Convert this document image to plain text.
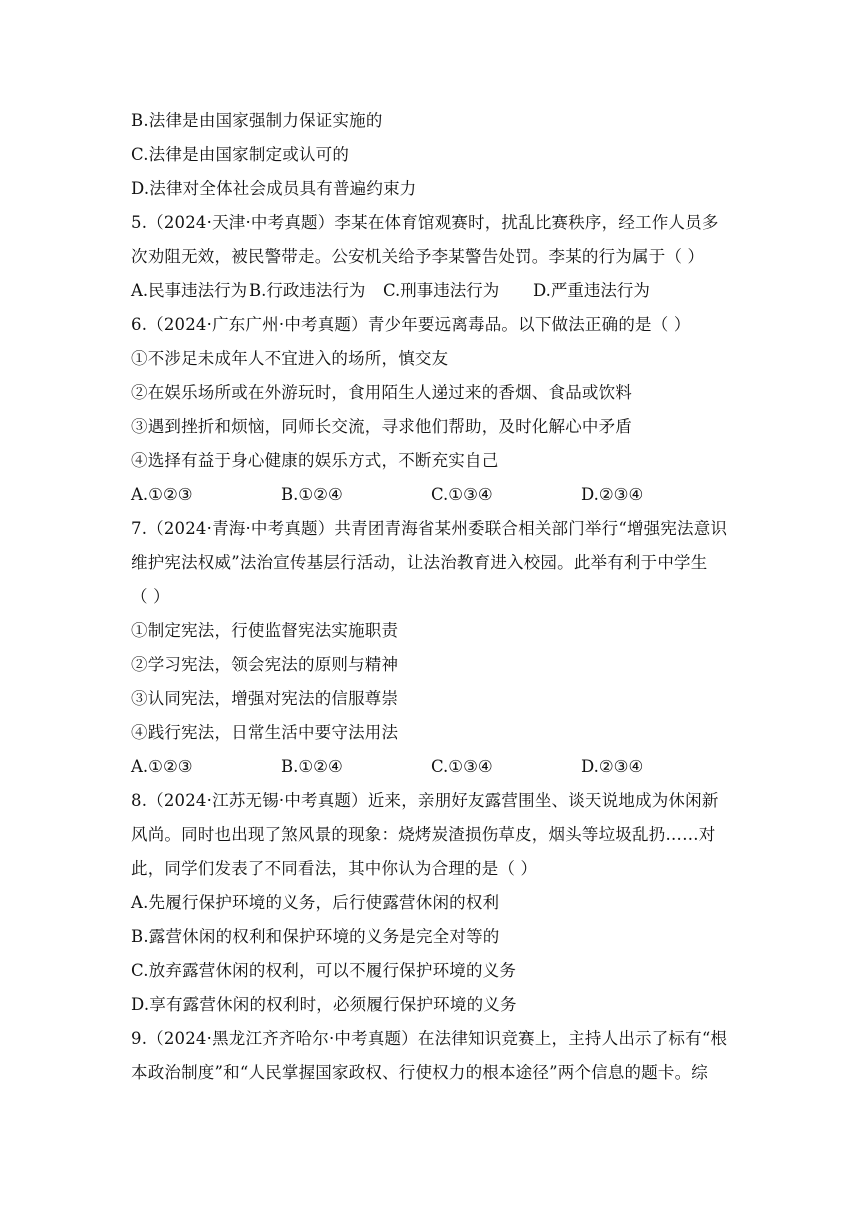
B.法律是由国家强制力保证实施的
C.法律是由国家制定或认可的
D.法律对全体社会成员具有普遍约束力
5.（2024·天津·中考真题）李某在体育馆观赛时，扰乱比赛秩序，经工作人员多
次劝阻无效，被民警带走。公安机关给予李某警告处罚。李某的行为属于（ ）
A.民事违法行为 B.行政违法行为	C.刑事违法行为	D.严重违法行为
6.（2024·广东广州·中考真题）青少年要远离毒品。以下做法正确的是（ ）
①不涉足未成年人不宜进入的场所，慎交友
②在娱乐场所或在外游玩时，食用陌生人递过来的香烟、食品或饮料
③遇到挫折和烦恼，同师长交流，寻求他们帮助，及时化解心中矛盾
④选择有益于身心健康的娱乐方式，不断充实自己
A.①②③	B.①②④	C.①③④	D.②③④
7.（2024·青海·中考真题）共青团青海省某州委联合相关部门举行“增强宪法意识
维护宪法权威”法治宣传基层行活动，让法治教育进入校园。此举有利于中学生
（ ）
①制定宪法，行使监督宪法实施职责
②学习宪法，领会宪法的原则与精神
③认同宪法，增强对宪法的信服尊崇
④践行宪法，日常生活中要守法用法
A.①②③	B.①②④	C.①③④	D.②③④
8.（2024·江苏无锡·中考真题）近来，亲朋好友露营围坐、谈天说地成为休闲新
风尚。同时也出现了煞风景的现象：烧烤炭渣损伤草皮，烟头等垃圾乱扔……对
此，同学们发表了不同看法，其中你认为合理的是（ ）
A.先履行保护环境的义务，后行使露营休闲的权利
B.露营休闲的权利和保护环境的义务是完全对等的
C.放弃露营休闲的权利，可以不履行保护环境的义务
D.享有露营休闲的权利时，必须履行保护环境的义务
9.（2024·黑龙江齐齐哈尔·中考真题）在法律知识竞赛上，主持人出示了标有“根
本政治制度”和“人民掌握国家政权、行使权力的根本途径”两个信息的题卡。综
